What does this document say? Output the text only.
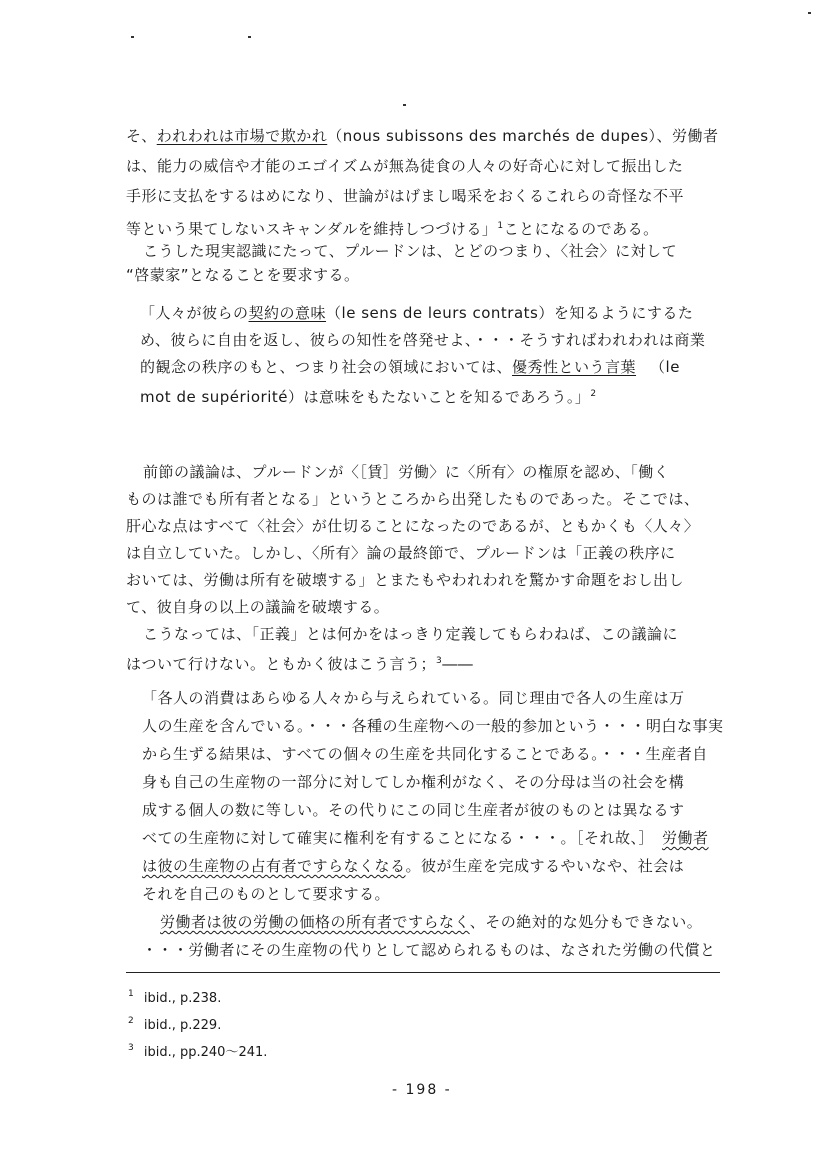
そ、われわれは市場で欺かれ（nous subissons des marchés de dupes）、労働者
は、能力の威信や才能のエゴイズムが無為徒食の人々の好奇心に対して振出した
手形に支払をするはめになり、世論がはげまし喝采をおくるこれらの奇怪な不平
等という果てしないスキャンダルを維持しつづける」$^1$ことになるのである。
こうした現実認識にたって、プルードンは、とどのつまり、〈社会〉に対して
“啓蒙家”となることを要求する。
「人々が彼らの契約の意味（le sens de leurs contrats）を知るようにするた
め、彼らに自由を返し、彼らの知性を啓発せよ、・・・そうすればわれわれは商業
的観念の秩序のもと、つまり社会の領域においては、優秀性という言葉 （le
mot de supériorité）は意味をもたないことを知るであろう。」$^2$
前節の議論は、プルードンが〈［賃］労働〉に〈所有〉の権原を認め、「働く
ものは誰でも所有者となる」というところから出発したものであった。そこでは、
肝心な点はすべて〈社会〉が仕切ることになったのであるが、ともかくも〈人々〉
は自立していた。しかし、〈所有〉論の最終節で、プルードンは「正義の秩序に
おいては、労働は所有を破壊する」とまたもやわれわれを驚かす命題をおし出し
て、彼自身の以上の議論を破壊する。
こうなっては、「正義」とは何かをはっきり定義してもらわねば、この議論に
はついて行けない。ともかく彼はこう言う；$^3$――
「各人の消費はあらゆる人々から与えられている。同じ理由で各人の生産は万
人の生産を含んでいる。・・・各種の生産物への一般的参加という・・・明白な事実
から生ずる結果は、すべての個々の生産を共同化することである。・・・生産者自
身も自己の生産物の一部分に対してしか権利がなく、その分母は当の社会を構
成する個人の数に等しい。その代りにこの同じ生産者が彼のものとは異なるす
べての生産物に対して確実に権利を有することになる・・・。［それ故、］ 労働者
は彼の生産物の占有者ですらなくなる。彼が生産を完成するやいなや、社会は
それを自己のものとして要求する。
労働者は彼の労働の価格の所有者ですらなく、その絶対的な処分もできない。
・・・労働者にその生産物の代りとして認められるものは、なされた労働の代償と
$^1$ ibid., p.238.
$^2$ ibid., p.229.
$^3$ ibid., pp.240～241.
- 198 -
